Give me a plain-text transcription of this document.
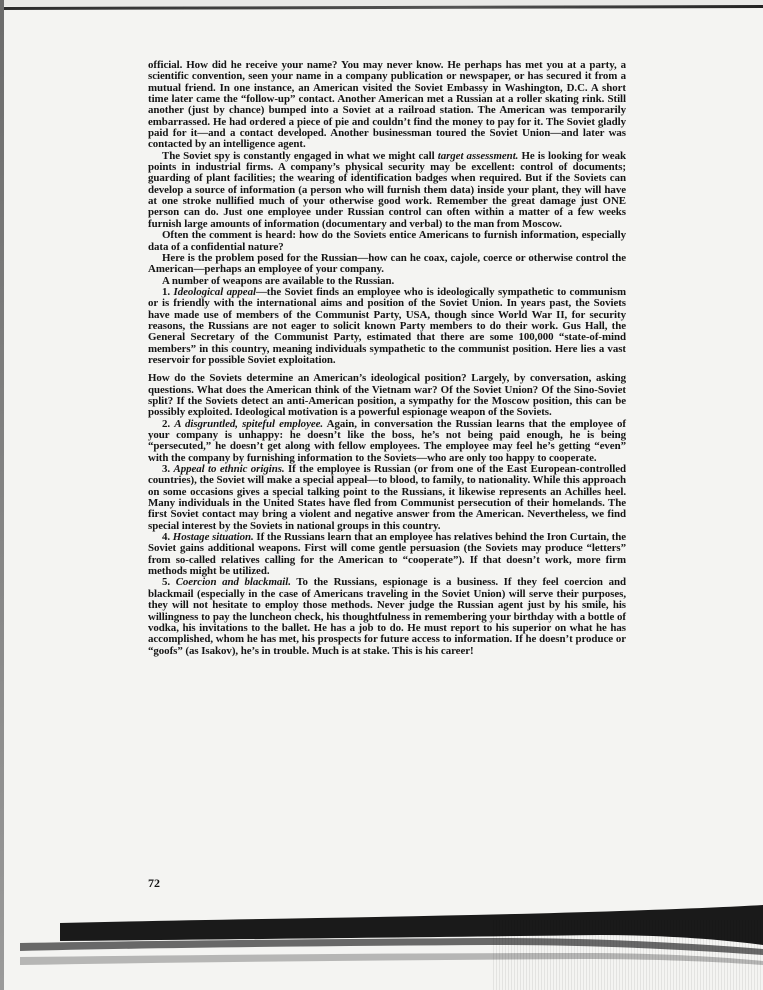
official. How did he receive your name? You may never know. He perhaps has met you at a party, a scientific convention, seen your name in a company publication or newspaper, or has secured it from a mutual friend. In one instance, an American visited the Soviet Embassy in Washington, D.C. A short time later came the “follow-up” contact. Another American met a Russian at a roller skating rink. Still another (just by chance) bumped into a Soviet at a railroad station. The American was temporarily embarrassed. He had ordered a piece of pie and couldn’t find the money to pay for it. The Soviet gladly paid for it—and a contact developed. Another businessman toured the Soviet Union—and later was contacted by an intelligence agent.

The Soviet spy is constantly engaged in what we might call target assessment. He is looking for weak points in industrial firms. A company’s physical security may be excellent: control of documents; guarding of plant facilities; the wearing of identification badges when required. But if the Soviets can develop a source of information (a person who will furnish them data) inside your plant, they will have at one stroke nullified much of your otherwise good work. Remember the great damage just ONE person can do. Just one employee under Russian control can often within a matter of a few weeks furnish large amounts of information (documentary and verbal) to the man from Moscow.

Often the comment is heard: how do the Soviets entice Americans to furnish information, especially data of a confidential nature?

Here is the problem posed for the Russian—how can he coax, cajole, coerce or otherwise control the American—perhaps an employee of your company.

A number of weapons are available to the Russian.

1. Ideological appeal—the Soviet finds an employee who is ideologically sympathetic to communism or is friendly with the international aims and position of the Soviet Union. In years past, the Soviets have made use of members of the Communist Party, USA, though since World War II, for security reasons, the Russians are not eager to solicit known Party members to do their work. Gus Hall, the General Secretary of the Communist Party, estimated that there are some 100,000 “state-of-mind members” in this country, meaning individuals sympathetic to the communist position. Here lies a vast reservoir for possible Soviet exploitation.

How do the Soviets determine an American’s ideological position? Largely, by conversation, asking questions. What does the American think of the Vietnam war? Of the Soviet Union? Of the Sino-Soviet split? If the Soviets detect an anti-American position, a sympathy for the Moscow position, this can be possibly exploited. Ideological motivation is a powerful espionage weapon of the Soviets.

2. A disgruntled, spiteful employee. Again, in conversation the Russian learns that the employee of your company is unhappy: he doesn’t like the boss, he’s not being paid enough, he is being “persecuted,” he doesn’t get along with fellow employees. The employee may feel he’s getting “even” with the company by furnishing information to the Soviets—who are only too happy to cooperate.

3. Appeal to ethnic origins. If the employee is Russian (or from one of the East European-controlled countries), the Soviet will make a special appeal—to blood, to family, to nationality. While this approach on some occasions gives a special talking point to the Russians, it likewise represents an Achilles heel. Many individuals in the United States have fled from Communist persecution of their homelands. The first Soviet contact may bring a violent and negative answer from the American. Nevertheless, we find special interest by the Soviets in national groups in this country.

4. Hostage situation. If the Russians learn that an employee has relatives behind the Iron Curtain, the Soviet gains additional weapons. First will come gentle persuasion (the Soviets may produce “letters” from so-called relatives calling for the American to “cooperate”). If that doesn’t work, more firm methods might be utilized.

5. Coercion and blackmail. To the Russians, espionage is a business. If they feel coercion and blackmail (especially in the case of Americans traveling in the Soviet Union) will serve their purposes, they will not hesitate to employ those methods. Never judge the Russian agent just by his smile, his willingness to pay the luncheon check, his thoughtfulness in remembering your birthday with a bottle of vodka, his invitations to the ballet. He has a job to do. He must report to his superior on what he has accomplished, whom he has met, his prospects for future access to information. If he doesn’t produce or “goofs” (as Isakov), he’s in trouble. Much is at stake. This is his career!

72
